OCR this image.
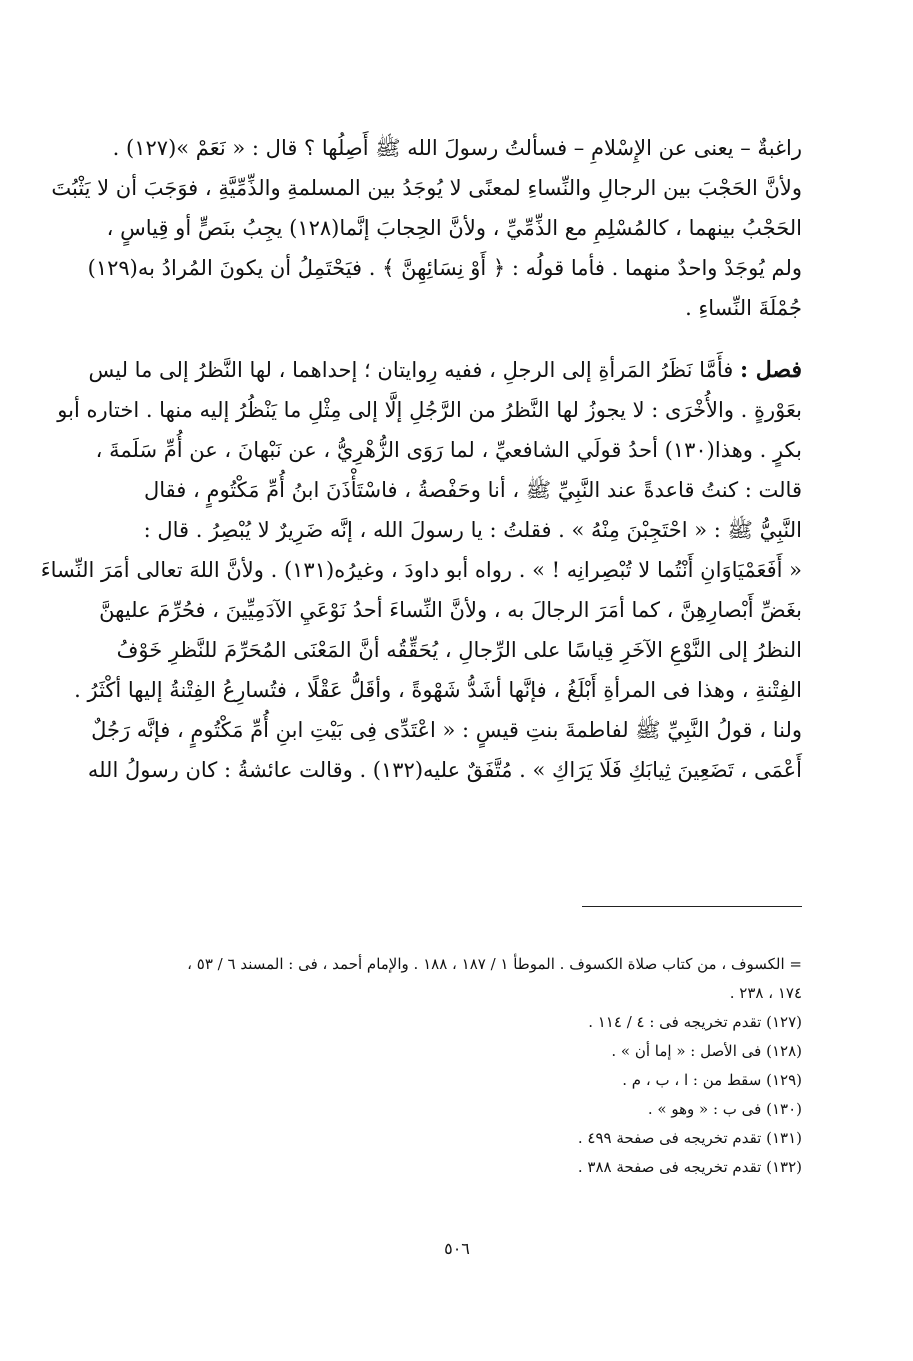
راغبةٌ – يعنى عن الإِسْلامِ – فسألتُ رسولَ الله ﷺ أَصِلُها ؟ قال : « نَعَمْ »(١٢٧) .
ولأنَّ الحَجْبَ بين الرجالِ والنِّساءِ لمعنًى لا يُوجَدُ بين المسلمةِ والذِّمِّيَّةِ ، فوَجَبَ أن لا يَثْبُتَ
الحَجْبُ بينهما ، كالمُسْلِمِ مع الذِّمِّيِّ ، ولأنَّ الحِجابَ إنَّما(١٢٨) يجِبُ بنَصٍّ أو قِياسٍ ،
ولم يُوجَدْ واحدٌ منهما . فأما قولُه : ﴿ أَوْ نِسَائِهِنَّ ﴾ . فيَحْتَمِلُ أن يكونَ المُرادُ به(١٢٩)
جُمْلَةَ النِّساءِ .
فصل : فأَمَّا نَظَرُ المَرأةِ إلى الرجلِ ، ففيه رِوايتان ؛ إحداهما ، لها النَّظرُ إلى ما ليس
بعَوْرةٍ . والأُخْرَى : لا يجوزُ لها النَّظرُ من الرَّجُلِ إلَّا إلى مِثْلِ ما يَنْظُرُ إليه منها . اختاره أبو
بكرٍ . وهذا(١٣٠) أحدُ قولَي الشافعيِّ ، لما رَوَى الزُّهْرِيُّ ، عن نَبْهانَ ، عن أُمِّ سَلَمةَ ،
قالت : كنتُ قاعدةً عند النَّبِيِّ ﷺ ، أنا وحَفْصةُ ، فاسْتَأْذَنَ ابنُ أُمِّ مَكْتُومٍ ، فقال
النَّبِيُّ ﷺ : « احْتَجِبْنَ مِنْهُ » . فقلتُ : يا رسولَ الله ، إنَّه ضَرِيرٌ لا يُبْصِرُ . قال :
« أَفَعَمْيَاوَانِ أَنْتُما لا تُبْصِرانِه ! » . رواه أبو داودَ ، وغيرُه(١٣١) . ولأنَّ اللهَ تعالى أمَرَ النِّساءَ
بغَضِّ أَبْصارِهِنَّ ، كما أمَرَ الرجالَ به ، ولأنَّ النِّساءَ أحدُ نَوْعَيِ الآدَمِيِّينَ ، فحُرِّمَ عليهنَّ
النظرُ إلى النَّوْعِ الآخَرِ قِياسًا على الرِّجالِ ، يُحَقِّقُه أنَّ المَعْنَى المُحَرِّمَ للنَّظرِ خَوْفُ
الفِتْنةِ ، وهذا فى المرأةِ أَبْلَغُ ، فإنَّها أشَدُّ شَهْوةً ، وأقَلُّ عَقْلًا ، فتُسارِعُ الفِتْنةُ إليها أكْثَرُ .
ولنا ، قولُ النَّبِيِّ ﷺ لفاطمةَ بنتِ قيسٍ : « اعْتَدِّى فِى بَيْتِ ابنِ أُمِّ مَكْتُومٍ ، فإنَّه رَجُلٌ
أَعْمَى ، تَضَعِينَ ثِيابَكِ فَلَا يَرَاكِ » . مُتَّفَقٌ عليه(١٣٢) . وقالت عائشةُ : كان رسولُ الله
= الكسوف ، من كتاب صلاة الكسوف . الموطأ ١ / ١٨٧ ، ١٨٨ . والإمام أحمد ، فى : المسند ٦ / ٥٣ ،
١٧٤ ، ٢٣٨ .
(١٢٧) تقدم تخريجه فى : ٤ / ١١٤ .
(١٢٨) فى الأصل : « إما أن » .
(١٢٩) سقط من : ا ، ب ، م .
(١٣٠) فى ب : « وهو » .
(١٣١) تقدم تخريجه فى صفحة ٤٩٩ .
(١٣٢) تقدم تخريجه فى صفحة ٣٨٨ .
٥٠٦
